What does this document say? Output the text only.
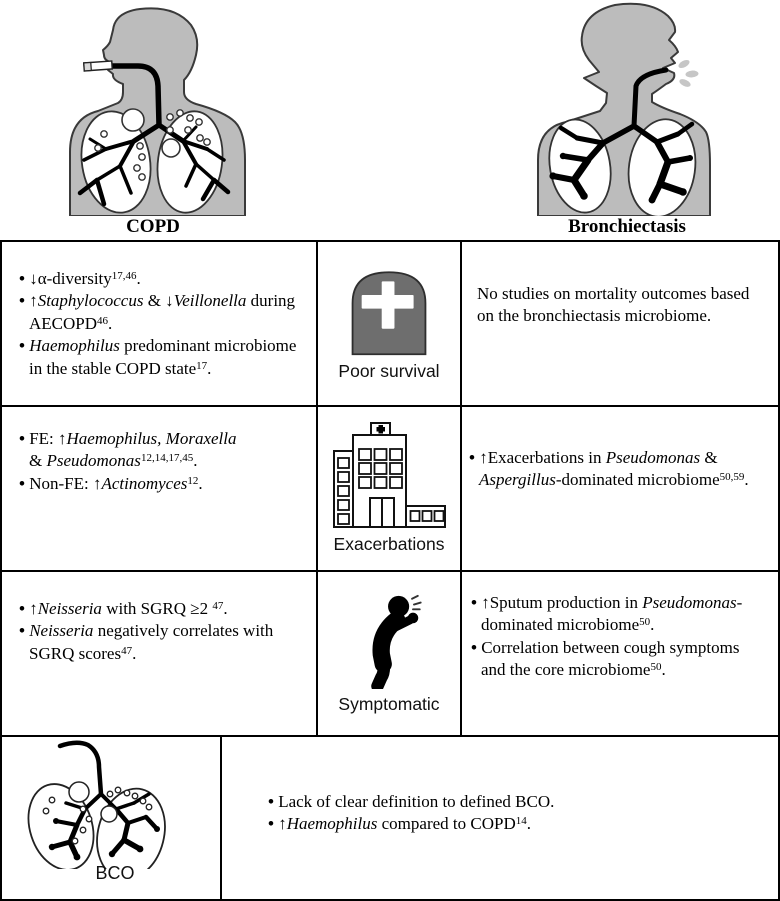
COPD	Bronchiectasis
• ↓α-diversity$^{17,46}$.
• ↑Staphylococcus & ↓Veillonella during AECOPD$^{46}$.
• Haemophilus predominant microbiome in the stable COPD state$^{17}$.	Poor survival
No studies on mortality outcomes based on the bronchiectasis microbiome.
• FE: ↑Haemophilus, Moraxella & Pseudomonas$^{12,14,17,45}$.
• Non-FE: ↑Actinomyces$^{12}$.
Exacerbations
• ↑Exacerbations in Pseudomonas & Aspergillus-dominated microbiome$^{50,59}$.
• ↑Neisseria with SGRQ ≥2 $^{47}$.
• Neisseria negatively correlates with SGRQ scores$^{47}$.
Symptomatic
• ↑Sputum production in Pseudomonas-dominated microbiome$^{50}$.
• Correlation between cough symptoms and the core microbiome$^{50}$.
BCO
• Lack of clear definition to defined BCO.
• ↑Haemophilus compared to COPD$^{14}$.
